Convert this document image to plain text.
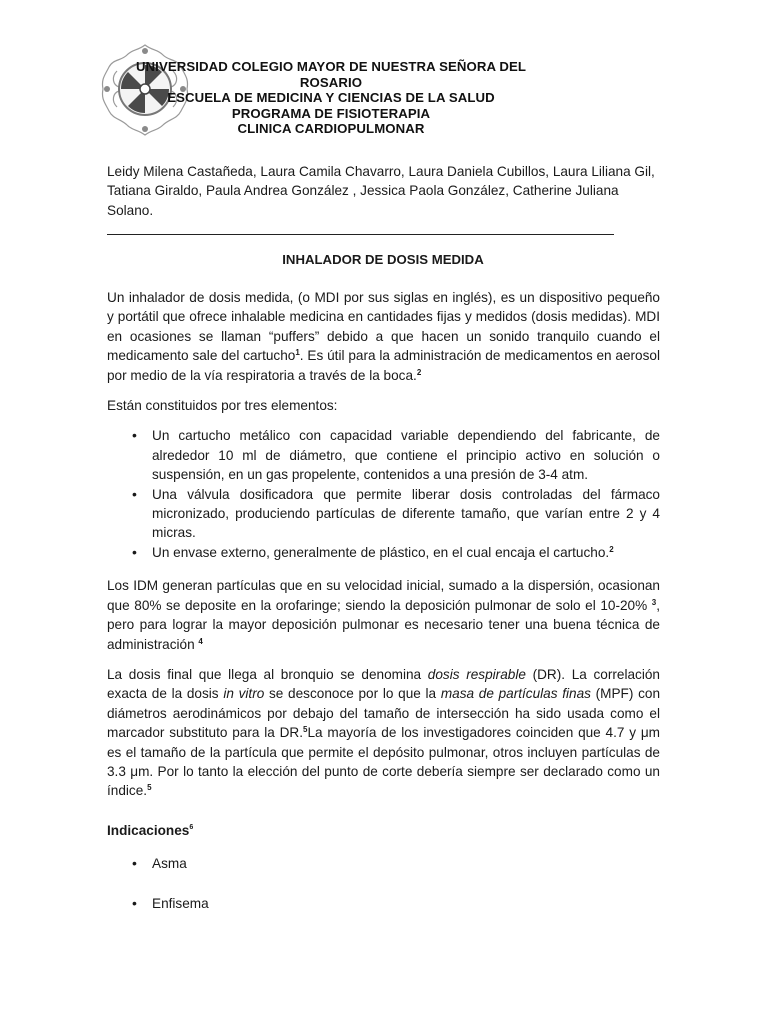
UNIVERSIDAD COLEGIO MAYOR DE NUESTRA SEÑORA DEL
ROSARIO
ESCUELA DE MEDICINA Y CIENCIAS DE LA SALUD
PROGRAMA DE FISIOTERAPIA
CLINICA CARDIOPULMONAR
Leidy Milena Castañeda, Laura Camila Chavarro, Laura Daniela Cubillos, Laura Liliana Gil, Tatiana Giraldo, Paula Andrea González , Jessica Paola González, Catherine Juliana Solano.
INHALADOR DE DOSIS MEDIDA

Un inhalador de dosis medida, (o MDI por sus siglas en inglés), es un dispositivo pequeño y portátil que ofrece inhalable medicina en cantidades fijas y medidos (dosis medidas). MDI en ocasiones se llaman “puffers” debido a que hacen un sonido tranquilo cuando el medicamento sale del cartucho$^1$. Es útil para la administración de medicamentos en aerosol por medio de la vía respiratoria a través de la boca.$^2$

Están constituidos por tres elementos:

• Un cartucho metálico con capacidad variable dependiendo del fabricante, de alrededor 10 ml de diámetro, que contiene el principio activo en solución o suspensión, en un gas propelente, contenidos a una presión de 3-4 atm.
• Una válvula dosificadora que permite liberar dosis controladas del fármaco micronizado, produciendo partículas de diferente tamaño, que varían entre 2 y 4 micras.
• Un envase externo, generalmente de plástico, en el cual encaja el cartucho.$^2$

Los IDM generan partículas que en su velocidad inicial, sumado a la dispersión, ocasionan que 80% se deposite en la orofaringe; siendo la deposición pulmonar de solo el 10-20% $^3$, pero para lograr la mayor deposición pulmonar es necesario tener una buena técnica de administración $^4$

La dosis final que llega al bronquio se denomina dosis respirable (DR). La correlación exacta de la dosis in vitro se desconoce por lo que la masa de partículas finas (MPF) con diámetros aerodinámicos por debajo del tamaño de intersección ha sido usada como el marcador substituto para la DR.$^5$La mayoría de los investigadores coinciden que 4.7 y μm es el tamaño de la partícula que permite el depósito pulmonar, otros incluyen partículas de 3.3 μm. Por lo tanto la elección del punto de corte debería siempre ser declarado como un índice.$^5$

Indicaciones$^6$
• Asma
• Enfisema
